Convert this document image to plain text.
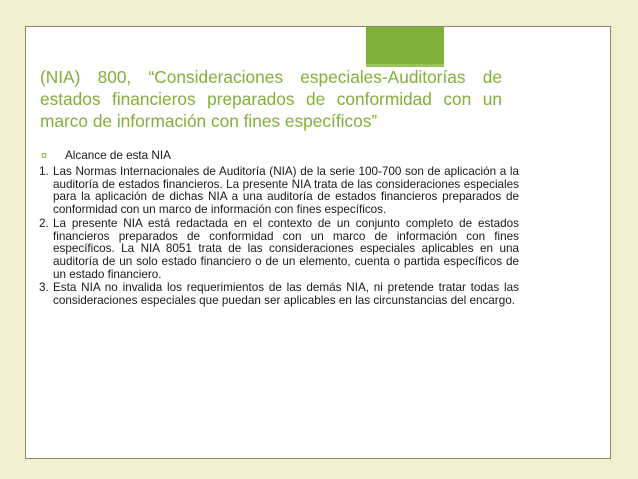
(NIA) 800, “Consideraciones especiales-Auditorías de estados financieros preparados de conformidad con un marco de información con fines específicos”
¤	Alcance de esta NIA
1. Las Normas Internacionales de Auditoría (NIA) de la serie 100-700 son de aplicación a la auditoría de estados financieros. La presente NIA trata de las consideraciones especiales para la aplicación de dichas NIA a una auditoría de estados financieros preparados de conformidad con un marco de información con fines específicos.
2. La presente NIA está redactada en el contexto de un conjunto completo de estados financieros preparados de conformidad con un marco de información con fines específicos. La NIA 8051 trata de las consideraciones especiales aplicables en una auditoría de un solo estado financiero o de un elemento, cuenta o partida específicos de un estado financiero.
3. Esta NIA no invalida los requerimientos de las demás NIA, ni pretende tratar todas las consideraciones especiales que puedan ser aplicables en las circunstancias del encargo.
